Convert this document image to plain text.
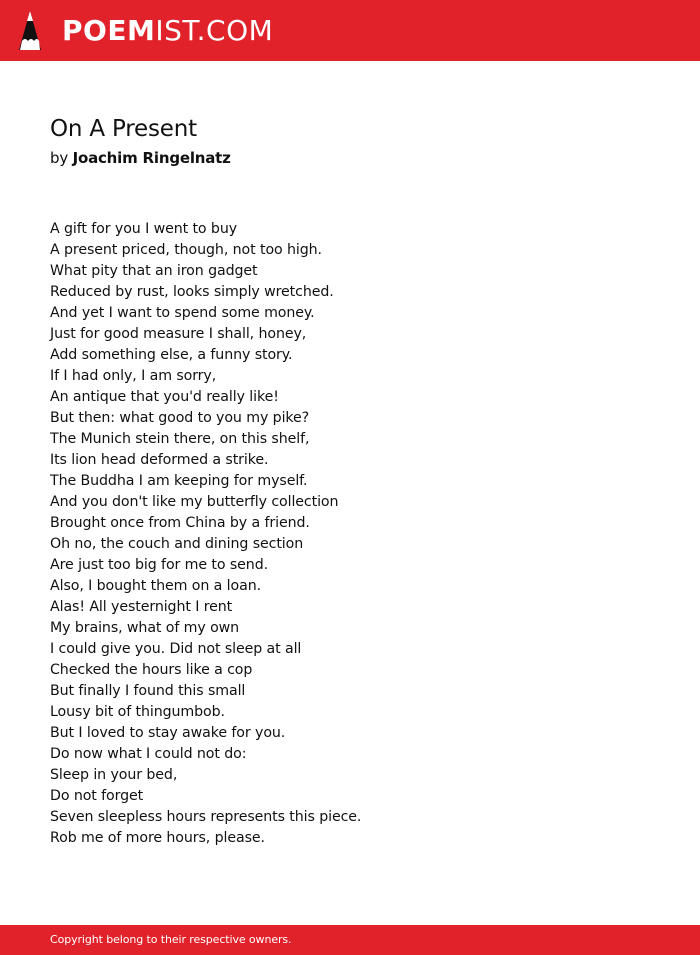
POEMIST.COM
On A Present
by Joachim Ringelnatz
A gift for you I went to buy
A present priced, though, not too high.
What pity that an iron gadget
Reduced by rust, looks simply wretched.
And yet I want to spend some money.
Just for good measure I shall, honey,
Add something else, a funny story.
If I had only, I am sorry,
An antique that you'd really like!
But then: what good to you my pike?
The Munich stein there, on this shelf,
Its lion head deformed a strike.
The Buddha I am keeping for myself.
And you don't like my butterfly collection
Brought once from China by a friend.
Oh no, the couch and dining section
Are just too big for me to send.
Also, I bought them on a loan.
Alas! All yesternight I rent
My brains, what of my own
I could give you. Did not sleep at all
Checked the hours like a cop
But finally I found this small
Lousy bit of thingumbob.
But I loved to stay awake for you.
Do now what I could not do:
Sleep in your bed,
Do not forget
Seven sleepless hours represents this piece.
Rob me of more hours, please.
Copyright belong to their respective owners.
